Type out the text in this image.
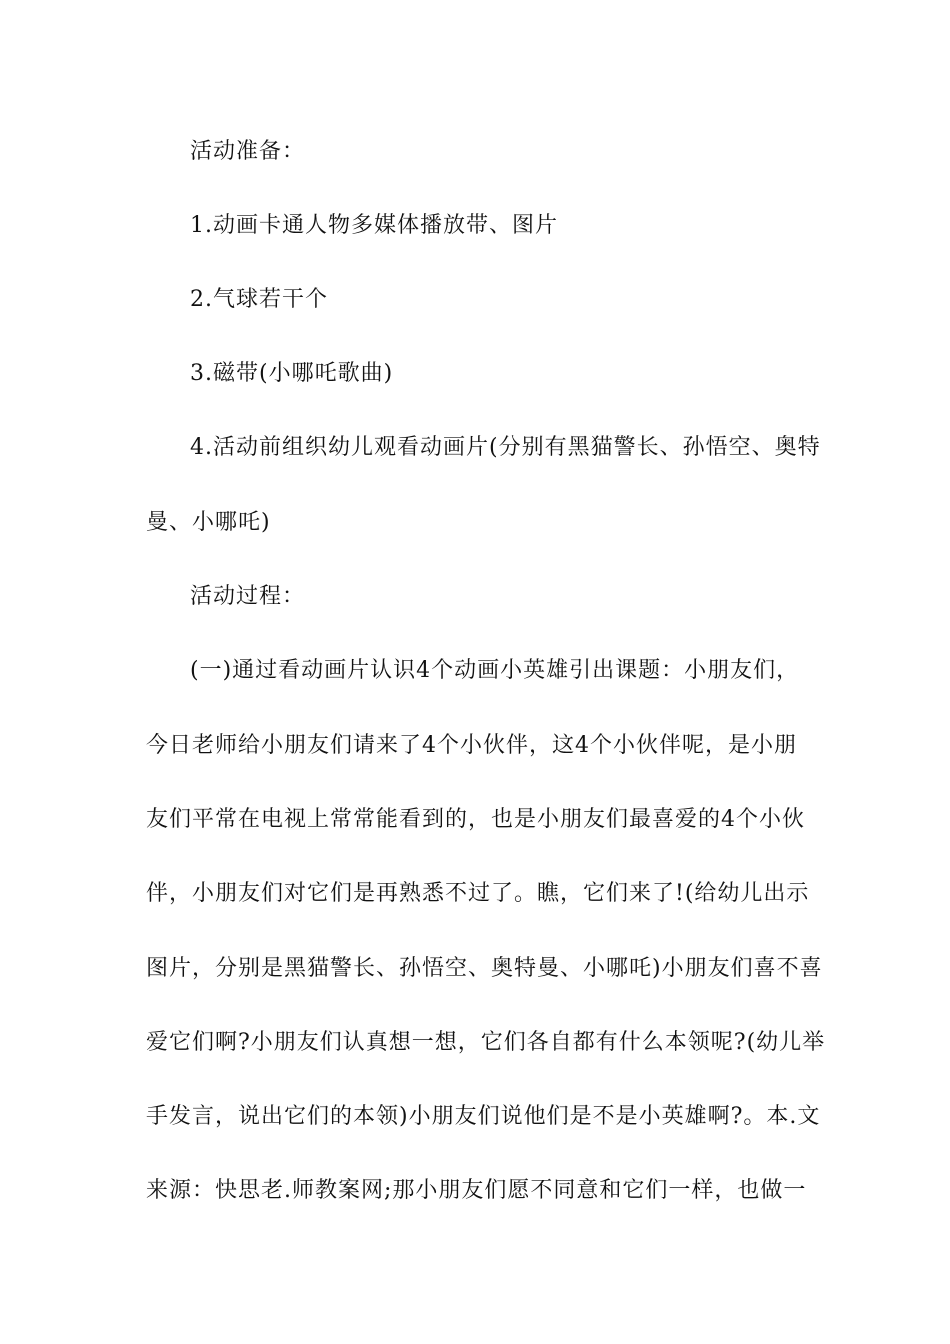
活动准备：
1.动画卡通人物多媒体播放带、图片
2.气球若干个
3.磁带(小哪吒歌曲)
4.活动前组织幼儿观看动画片(分别有黑猫警长、孙悟空、奥特
曼、小哪吒)
活动过程：
(一)通过看动画片认识4个动画小英雄引出课题：小朋友们，
今日老师给小朋友们请来了4个小伙伴，这4个小伙伴呢，是小朋
友们平常在电视上常常能看到的，也是小朋友们最喜爱的4个小伙
伴，小朋友们对它们是再熟悉不过了。瞧，它们来了!(给幼儿出示
图片，分别是黑猫警长、孙悟空、奥特曼、小哪吒)小朋友们喜不喜
爱它们啊?小朋友们认真想一想，它们各自都有什么本领呢?(幼儿举
手发言，说出它们的本领)小朋友们说他们是不是小英雄啊?。本.文
来源：快思老.师教案网;那小朋友们愿不同意和它们一样，也做一
